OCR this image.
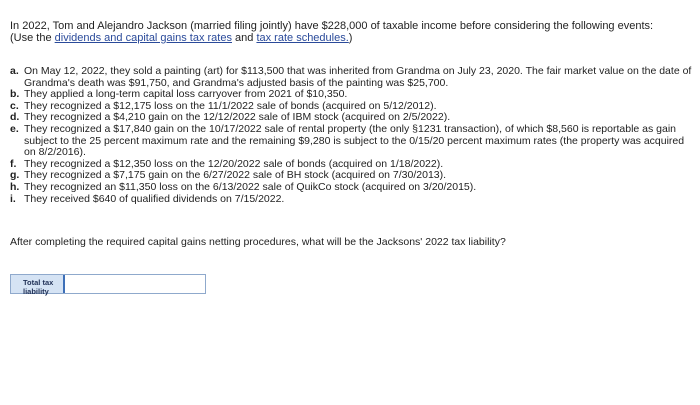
In 2022, Tom and Alejandro Jackson (married filing jointly) have $228,000 of taxable income before considering the following events:
(Use the dividends and capital gains tax rates and tax rate schedules.)
a. On May 12, 2022, they sold a painting (art) for $113,500 that was inherited from Grandma on July 23, 2020. The fair market value on the date of Grandma's death was $91,750, and Grandma's adjusted basis of the painting was $25,700.
b. They applied a long-term capital loss carryover from 2021 of $10,350.
c. They recognized a $12,175 loss on the 11/1/2022 sale of bonds (acquired on 5/12/2012).
d. They recognized a $4,210 gain on the 12/12/2022 sale of IBM stock (acquired on 2/5/2022).
e. They recognized a $17,840 gain on the 10/17/2022 sale of rental property (the only §1231 transaction), of which $8,560 is reportable as gain subject to the 25 percent maximum rate and the remaining $9,280 is subject to the 0/15/20 percent maximum rates (the property was acquired on 8/2/2016).
f. They recognized a $12,350 loss on the 12/20/2022 sale of bonds (acquired on 1/18/2022).
g. They recognized a $7,175 gain on the 6/27/2022 sale of BH stock (acquired on 7/30/2013).
h. They recognized an $11,350 loss on the 6/13/2022 sale of QuikCo stock (acquired on 3/20/2015).
i. They received $640 of qualified dividends on 7/15/2022.
After completing the required capital gains netting procedures, what will be the Jacksons' 2022 tax liability?
Total tax liability
